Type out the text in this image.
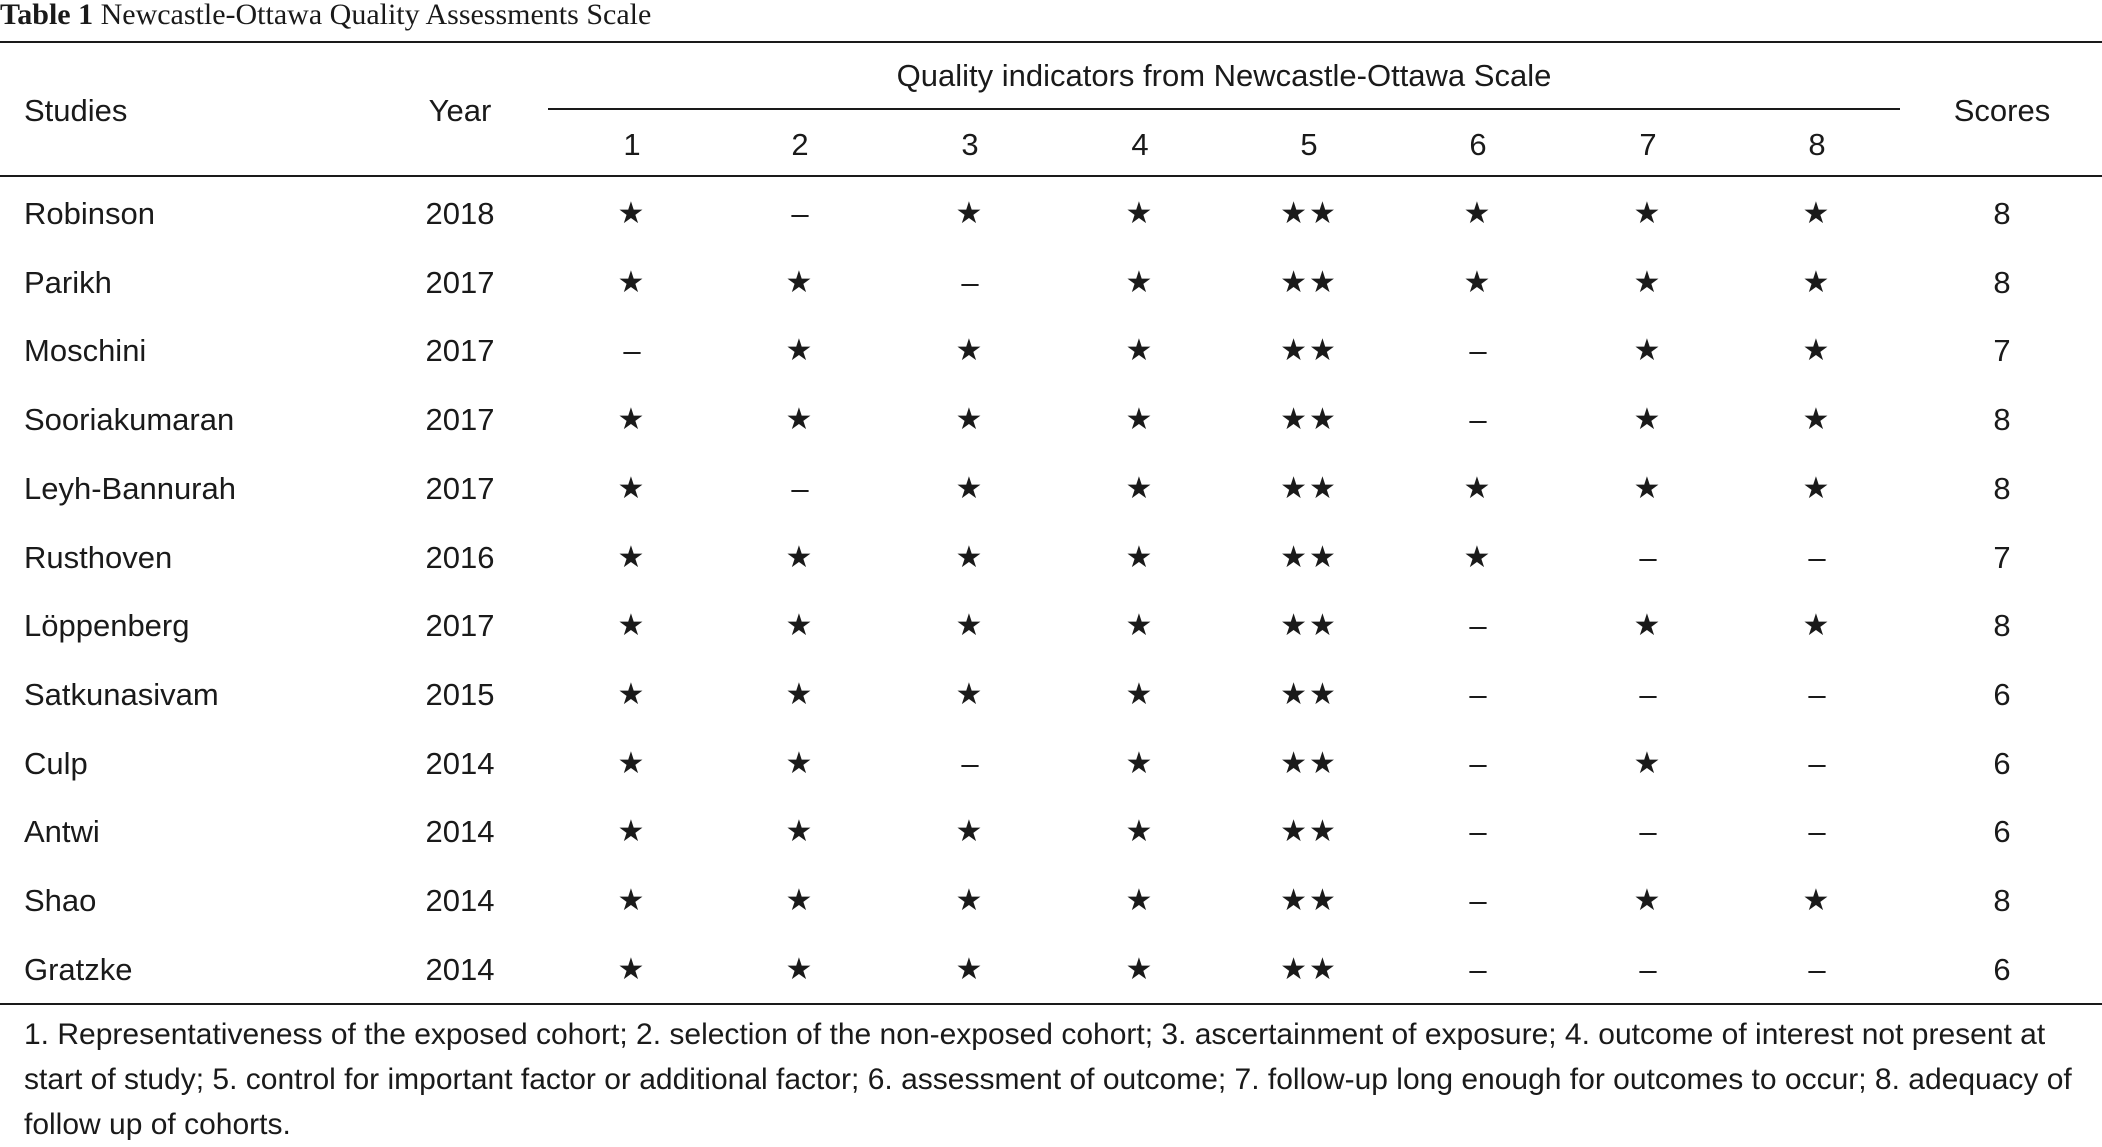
Table 1 Newcastle-Ottawa Quality Assessments Scale
Studies	Year
Quality indicators from Newcastle-Ottawa Scale
1	2	3	4	5	6	7	8
Scores
Robinson	2018	★	–	★	★	★★	★	★	★	8
Parikh	2017	★	★	–	★	★★	★	★	★	8
Moschini	2017	–	★	★	★	★★	–	★	★	7
Sooriakumaran	2017	★	★	★	★	★★	–	★	★	8
Leyh-Bannurah	2017	★	–	★	★	★★	★	★	★	8
Rusthoven	2016	★	★	★	★	★★	★	–	–	7
Löppenberg	2017	★	★	★	★	★★	–	★	★	8
Satkunasivam	2015	★	★	★	★	★★	–	–	–	6
Culp	2014	★	★	–	★	★★	–	★	–	6
Antwi	2014	★	★	★	★	★★	–	–	–	6
Shao	2014	★	★	★	★	★★	–	★	★	8
Gratzke	2014	★	★	★	★	★★	–	–	–	6
1. Representativeness of the exposed cohort; 2. selection of the non-exposed cohort; 3. ascertainment of exposure; 4. outcome of interest not present at start of study; 5. control for important factor or additional factor; 6. assessment of outcome; 7. follow-up long enough for outcomes to occur; 8. adequacy of follow up of cohorts.
